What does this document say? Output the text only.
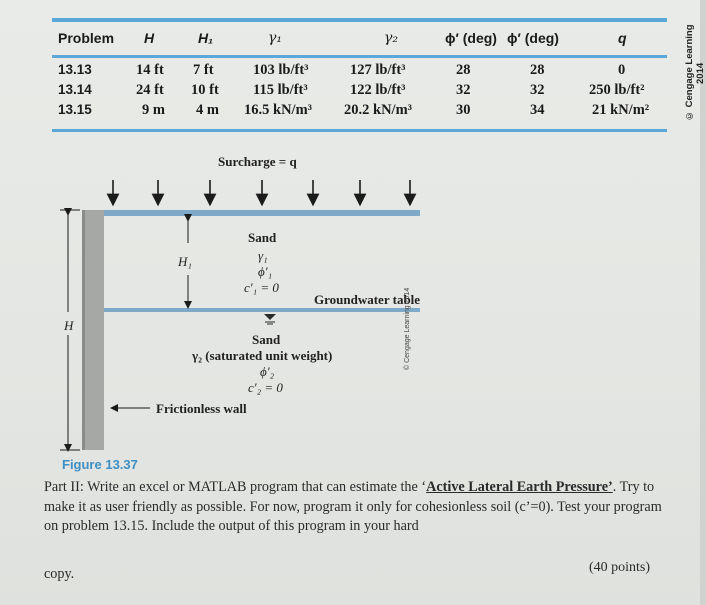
Problem H	H₁	γ₁	γ₂	ϕ′ (deg) ϕ′ (deg)	q
13.13	14 ft 7 ft	103 lb/ft³	127 lb/ft³	28	28	0
13.14	24 ft 10 ft 115 lb/ft³	122 lb/ft³	32	32	250 lb/ft²
13.15	9 m 4 m 16.5 kN/m³ 20.2 kN/m³	30	34	21 kN/m²	© Cengage Learning 2014
Surcharge = q
H
H₁
Sand
γ₁
ϕ′₁
c′₁ = 0
Groundwater table
Sand
γ₂ (saturated unit weight)
ϕ′₂
c′₂ = 0
Frictionless wall
© Cengage Learning 2014
Figure 13.37
Part II: Write an excel or MATLAB program that can estimate the ‘Active Lateral Earth Pressure’. Try to make it as user friendly as possible. For now, program it only for cohesionless soil (c’=0). Test your program on problem 13.15. Include the output of this program in your hard
copy.	(40 points)
